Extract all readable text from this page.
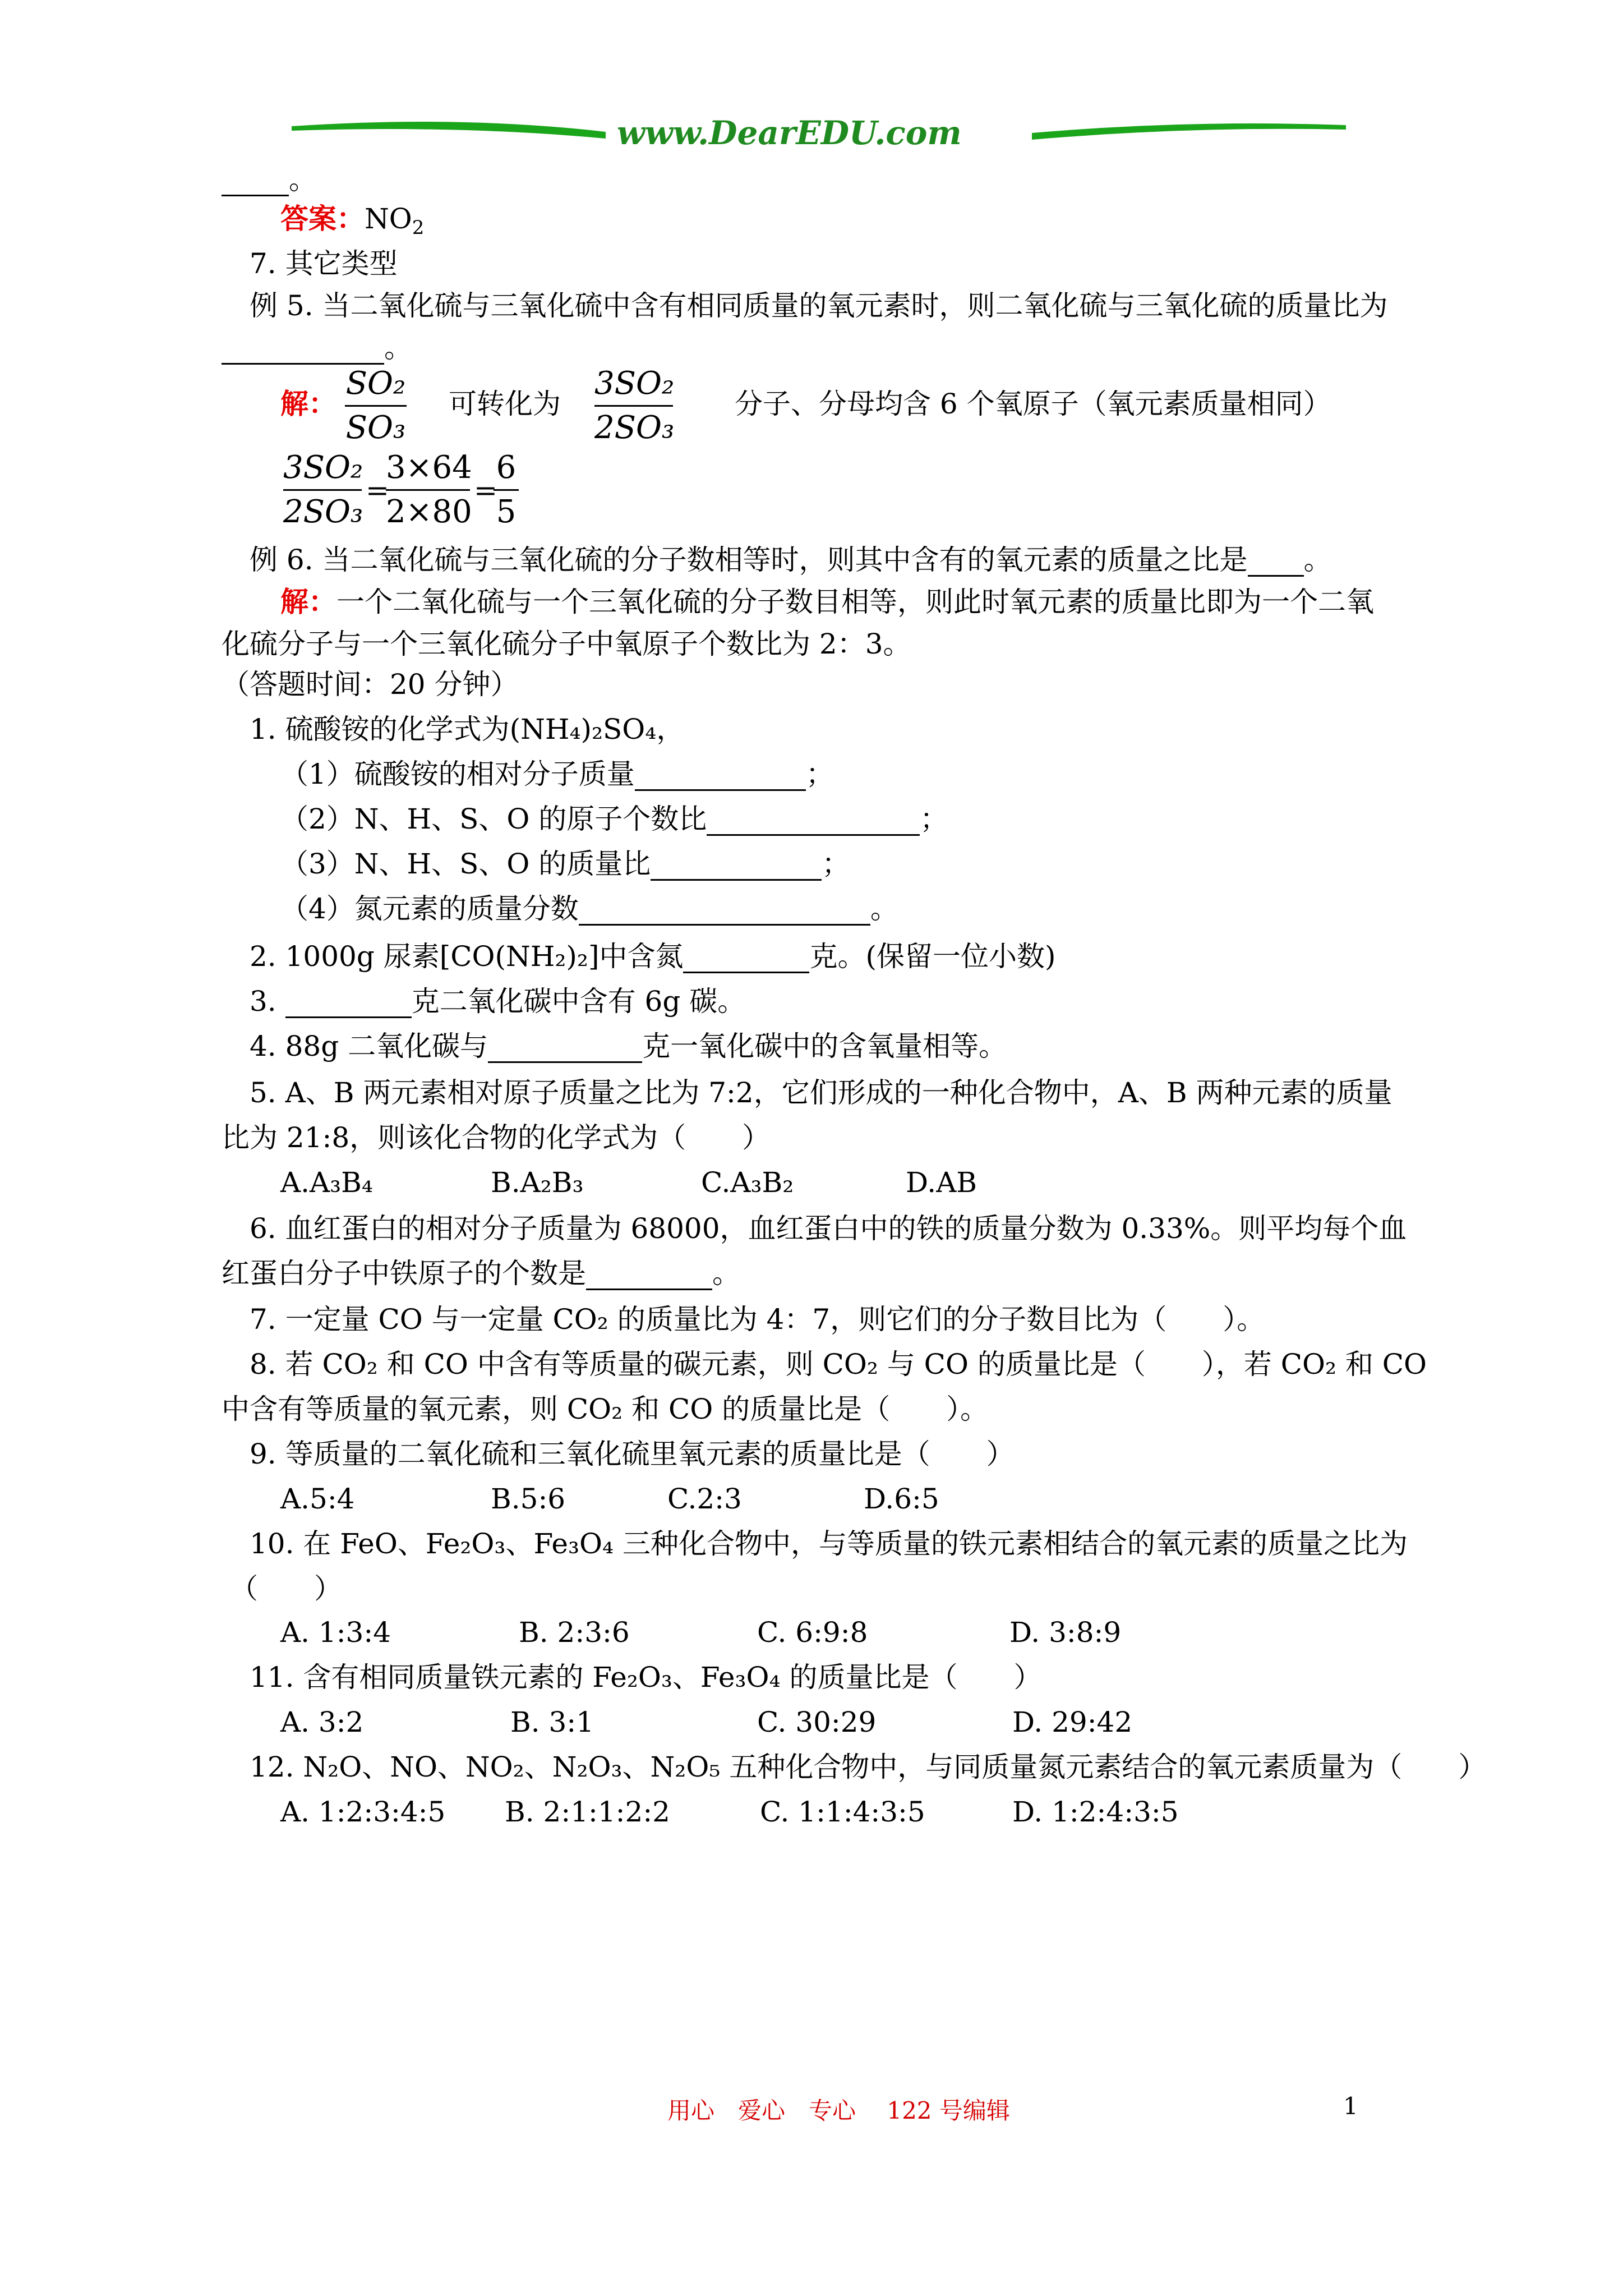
www.DearEDU.com
。
答案：$NO_2$
7. 其它类型
例 5. 当二氧化硫与三氧化硫中含有相同质量的氧元素时，则二氧化硫与三氧化硫的质量比为
。
解：
SO₂
SO₃
可转化为
3SO₂
2SO₃
分子、分母均含 6 个氧原子（氧元素质量相同）
3SO₂
2SO₃
=
3×64
2×80
=
6
5
例 6. 当二氧化硫与三氧化硫的分子数相等时，则其中含有的氧元素的质量之比是 。
解：一个二氧化硫与一个三氧化硫的分子数目相等，则此时氧元素的质量比即为一个二氧
化硫分子与一个三氧化硫分子中氧原子个数比为 2：3。
（答题时间：20 分钟）
1. 硫酸铵的化学式为(NH₄)₂SO₄，
（1）硫酸铵的相对分子质量	；
（2）N、H、S、O 的原子个数比	；
（3）N、H、S、O 的质量比	；
（4）氮元素的质量分数	。
2. 1000g 尿素[CO(NH₂)₂]中含氮	克。(保留一位小数)
3.	克二氧化碳中含有 6g 碳。
4. 88g 二氧化碳与	克一氧化碳中的含氧量相等。
5. A、B 两元素相对原子质量之比为 7:2，它们形成的一种化合物中，A、B 两种元素的质量
比为 21:8，则该化合物的化学式为（　　）
A.A₃B₄	B.A₂B₃	C.A₃B₂	D.AB
6. 血红蛋白的相对分子质量为 68000，血红蛋白中的铁的质量分数为 0.33%。则平均每个血
红蛋白分子中铁原子的个数是	。
7. 一定量 CO 与一定量 CO₂ 的质量比为 4：7，则它们的分子数目比为（　　）。
8. 若 CO₂ 和 CO 中含有等质量的碳元素，则 CO₂ 与 CO 的质量比是（　　），若 CO₂ 和 CO
中含有等质量的氧元素，则 CO₂ 和 CO 的质量比是（　　）。
9. 等质量的二氧化硫和三氧化硫里氧元素的质量比是（　　）
A.5:4	B.5:6	C.2:3	D.6:5
10. 在 FeO、Fe₂O₃、Fe₃O₄ 三种化合物中，与等质量的铁元素相结合的氧元素的质量之比为
（　　）
A. 1:3:4	B. 2:3:6	C. 6:9:8	D. 3:8:9
11. 含有相同质量铁元素的 Fe₂O₃、Fe₃O₄ 的质量比是（　　）
A. 3:2	B. 3:1	C. 30:29	D. 29:42
12. N₂O、NO、NO₂、N₂O₃、N₂O₅ 五种化合物中，与同质量氮元素结合的氧元素质量为（　　）
A. 1:2:3:4:5 B. 2:1:1:2:2	C. 1:1:4:3:5	D. 1:2:4:3:5
用心　爱心　专心　 122 号编辑	1
